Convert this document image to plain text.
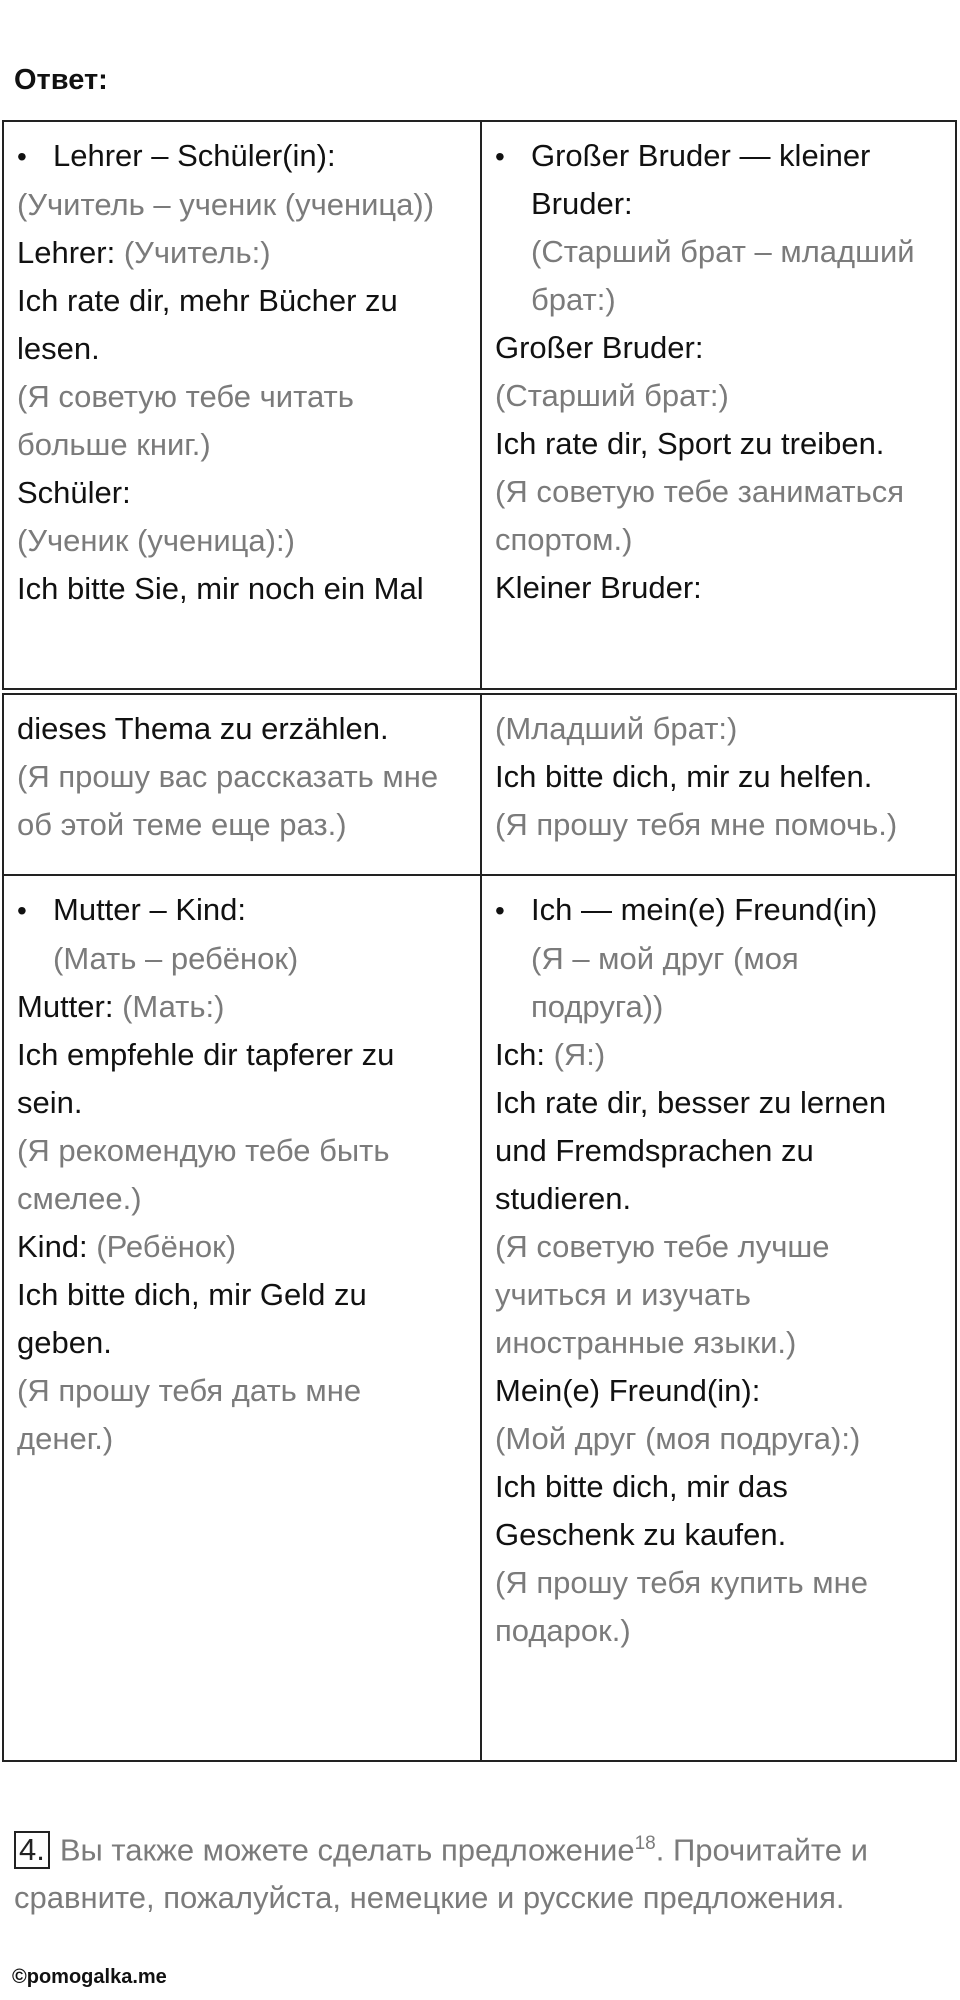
Ответ:
•

Lehrer – Schüler(in):

(Учитель – ученик (ученица))

Lehrer: (Учитель:)

Ich rate dir, mehr Bücher zu

lesen.

(Я советую тебе читать

больше книг.)

Schüler:

(Ученик (ученица):)

Ich bitte Sie, mir noch ein Mal

•

Großer Bruder — kleiner

Bruder:

(Старший брат – младший

брат:)

Großer Bruder:

(Старший брат:)

Ich rate dir, Sport zu treiben.

(Я советую тебе заниматься

спортом.)

Kleiner Bruder:

dieses Thema zu erzählen.

(Я прошу вас рассказать мне

об этой теме еще раз.)

(Младший брат:)

Ich bitte dich, mir zu helfen.

(Я прошу тебя мне помочь.)

•

Mutter – Kind:

(Мать – ребёнок)

Mutter: (Мать:)

Ich empfehle dir tapferer zu

sein.

(Я рекомендую тебе быть

смелее.)

Kind: (Ребёнок)

Ich bitte dich, mir Geld zu

geben.

(Я прошу тебя дать мне

денег.)

•

Ich — mein(e) Freund(in)

(Я – мой друг (моя

подруга))

Ich: (Я:)

Ich rate dir, besser zu lernen

und Fremdsprachen zu

studieren.

(Я советую тебе лучше

учиться и изучать

иностранные языки.)

Mein(e) Freund(in):

(Мой друг (моя подруга):)

Ich bitte dich, mir das

Geschenk zu kaufen.

(Я прошу тебя купить мне

подарок.)

4. Вы также можете сделать предложение$^{18}$. Прочитайте и
сравните, пожалуйста, немецкие и русские предложения.
©pomogalka.me
